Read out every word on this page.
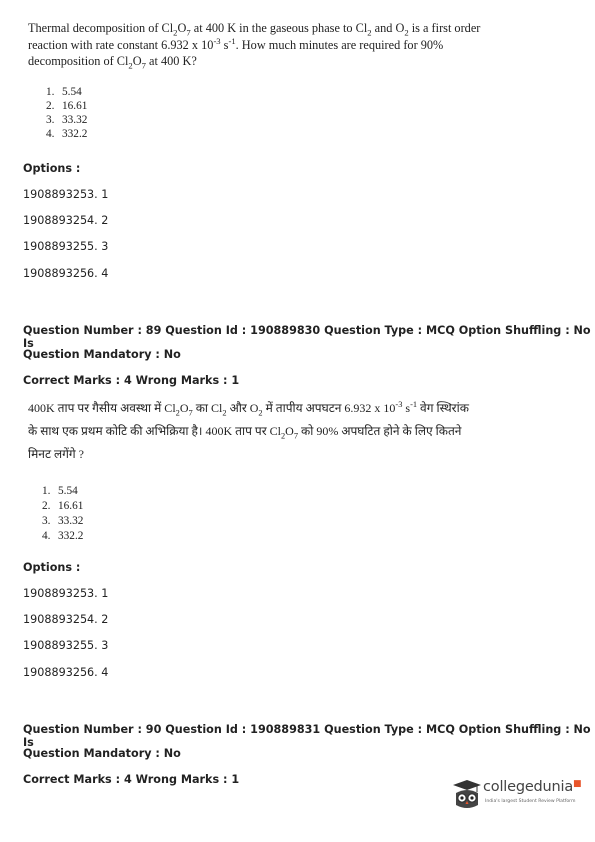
Thermal decomposition of $Cl_2O_7$ at 400 K in the gaseous phase to $Cl_2$ and $O_2$ is a first order reaction with rate constant 6.932 x $10^{-3}$ $s^{-1}$. How much minutes are required for 90% decomposition of $Cl_2O_7$ at 400 K?
1. 5.54
2. 16.61
3. 33.32
4. 332.2
Options :
1908893253. 1
1908893254. 2
1908893255. 3
1908893256. 4
Question Number : 89 Question Id : 190889830 Question Type : MCQ Option Shuffling : No Is
Question Mandatory : No
Correct Marks : 4 Wrong Marks : 1
400K ताप पर गैसीय अवस्था में $Cl_2O_7$ का $Cl_2$ और $O_2$ में तापीय अपघटन 6.932 x $10^{-3}$ $s^{-1}$ वेग स्थिरांक के साथ एक प्रथम कोटि की अभिक्रिया है। 400K ताप पर $Cl_2O_7$ को 90% अपघटित होने के लिए कितने मिनट लगेंगे ?
1. 5.54
2. 16.61
3. 33.32
4. 332.2
Options :
1908893253. 1
1908893254. 2
1908893255. 3
1908893256. 4
Question Number : 90 Question Id : 190889831 Question Type : MCQ Option Shuffling : No Is
Question Mandatory : No
Correct Marks : 4 Wrong Marks : 1	collegedunia■
India's largest Student Review Platform
